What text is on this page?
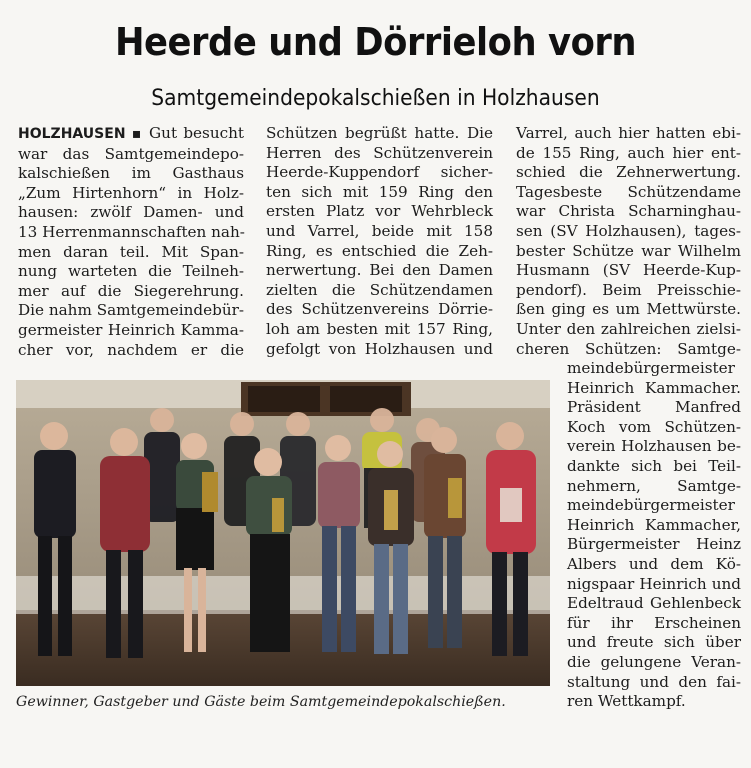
Heerde und Dörrieloh vorn
Samtgemeindepokalschießen in Holzhausen
HOLZHAUSEN ▪ Gut besucht
war das Samtgemeindepo-
kalschießen im Gasthaus
„Zum Hirtenhorn“ in Holz-
hausen: zwölf Damen- und
13 Herrenmannschaften nah-
men daran teil. Mit Span-
nung warteten die Teilneh-
mer auf die Siegerehrung.
Die nahm Samtgemeindebür-
germeister Heinrich Kamma-
cher vor, nachdem er die
Schützen begrüßt hatte. Die
Herren des Schützenverein
Heerde-Kuppendorf sicher-
ten sich mit 159 Ring den
ersten Platz vor Wehrbleck
und Varrel, beide mit 158
Ring, es entschied die Zeh-
nerwertung. Bei den Damen
zielten die Schützendamen
des Schützenvereins Dörrie-
loh am besten mit 157 Ring,
gefolgt von Holzhausen und
Varrel, auch hier hatten ebi-
de 155 Ring, auch hier ent-
schied die Zehnerwertung.
Tagesbeste Schützendame
war Christa Scharninghau-
sen (SV Holzhausen), tages-
bester Schütze war Wilhelm
Husmann (SV Heerde-Kup-
pendorf). Beim Preisschie-
ßen ging es um Mettwürste.
Unter den zahlreichen zielsi-
cheren Schützen: Samtge-
meindebürgermeister
Heinrich Kammacher.
Präsident Manfred
Koch vom Schützen-
verein Holzhausen be-
dankte sich bei Teil-
nehmern, Samtge-
meindebürgermeister
Heinrich Kammacher,
Bürgermeister Heinz
Albers und dem Kö-
nigspaar Heinrich und
Edeltraud Gehlenbeck
für ihr Erscheinen
und freute sich über
die gelungene Veran-
staltung und den fai-
ren Wettkampf.
Gewinner, Gastgeber und Gäste beim Samtgemeindepokalschießen.
